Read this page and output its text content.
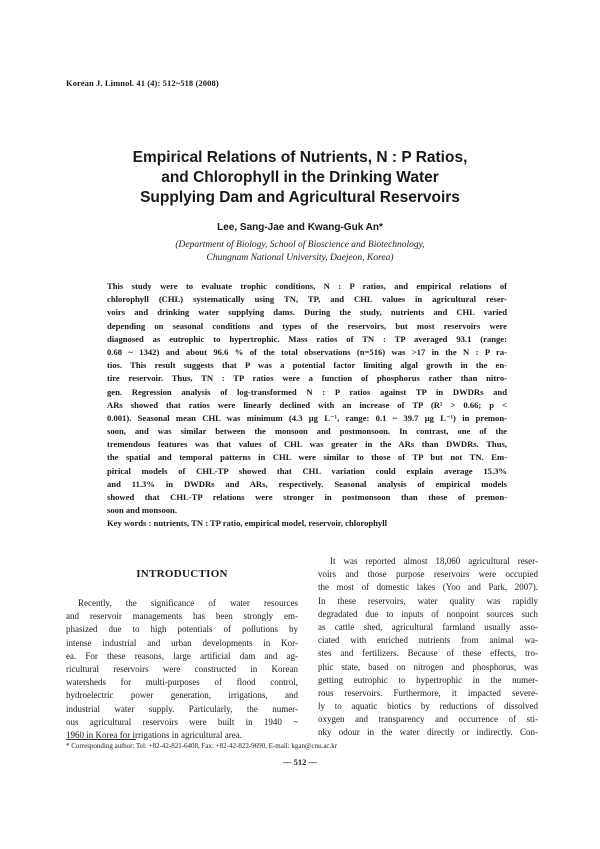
Korean J. Limnol. 41 (4): 512~518 (2008)
Empirical Relations of Nutrients, N : P Ratios,
and Chlorophyll in the Drinking Water
Supplying Dam and Agricultural Reservoirs
Lee, Sang-Jae and Kwang-Guk An*
(Department of Biology, School of Bioscience and Biotechnology,
Chungnam National University, Daejeon, Korea)
This study were to evaluate trophic conditions, N : P ratios, and empirical relations of
chlorophyll (CHL) systematically using TN, TP, and CHL values in agricultural reser-
voirs and drinking water supplying dams. During the study, nutrients and CHL varied
depending on seasonal conditions and types of the reservoirs, but most reservoirs were
diagnosed as eutrophic to hypertrophic. Mass ratios of TN : TP averaged 93.1 (range:
0.68 ~ 1342) and about 96.6 % of the total observations (n=516) was >17 in the N : P ra-
tios. This result suggests that P was a potential factor limiting algal growth in the en-
tire reservoir. Thus, TN : TP ratios were a function of phosphorus rather than nitro-
gen. Regression analysis of log-transformed N : P ratios against TP in DWDRs and
ARs showed that ratios were linearly declined with an increase of TP (R² > 0.66; p <
0.001). Seasonal mean CHL was minimum (4.3 μg L⁻¹, range: 0.1 ~ 39.7 μg L⁻¹) in premon-
soon, and was similar between the monsoon and postmonsoon. In contrast, one of the
tremendous features was that values of CHL was greater in the ARs than DWDRs. Thus,
the spatial and temporal patterns in CHL were similar to those of TP but not TN. Em-
pirical models of CHL-TP showed that CHL variation could explain average 15.3%
and 11.3% in DWDRs and ARs, respectively. Seasonal analysis of empirical models
showed that CHL-TP relations were stronger in postmonsoon than those of premon-
soon and monsoon.
Key words : nutrients, TN : TP ratio, empirical model, reservoir, chlorophyll
INTRODUCTION
Recently, the significance of water resources
and reservoir managements has been strongly em-
phasized due to high potentials of pollutions by
intense industrial and urban developments in Kor-
ea. For these reasons, large artificial dam and ag-
ricultural reservoirs were constructed in Korean
watersheds for multi-purposes of flood control,
hydroelectric power generation, irrigations, and
industrial water supply. Particularly, the numer-
ous agricultural reservoirs were built in 1940 ~
1960 in Korea for irrigations in agricultural area.
It was reported almost 18,060 agricultural reser-
voirs and those purpose reservoirs were occupied
the most of domestic lakes (Yoo and Park, 2007).
In these reservoirs, water quality was rapidly
degradated due to inputs of nonpoint sources such
as cattle shed, agricultural farmland usually asso-
ciated with enriched nutrients from animal wa-
stes and fertilizers. Because of these effects, tro-
phic state, based on nitrogen and phosphorus, was
getting eutrophic to hypertrophic in the numer-
rous reservoirs. Furthermore, it impacted severe-
ly to aquatic biotics by reductions of dissolved
oxygen and transparency and occurrence of sti-
nky odour in the water directly or indirectly. Con-
* Corresponding author: Tel: +82-42-821-6408, Fax: +82-42-822-9690, E-mail: kgan@cnu.ac.kr
— 512 —
